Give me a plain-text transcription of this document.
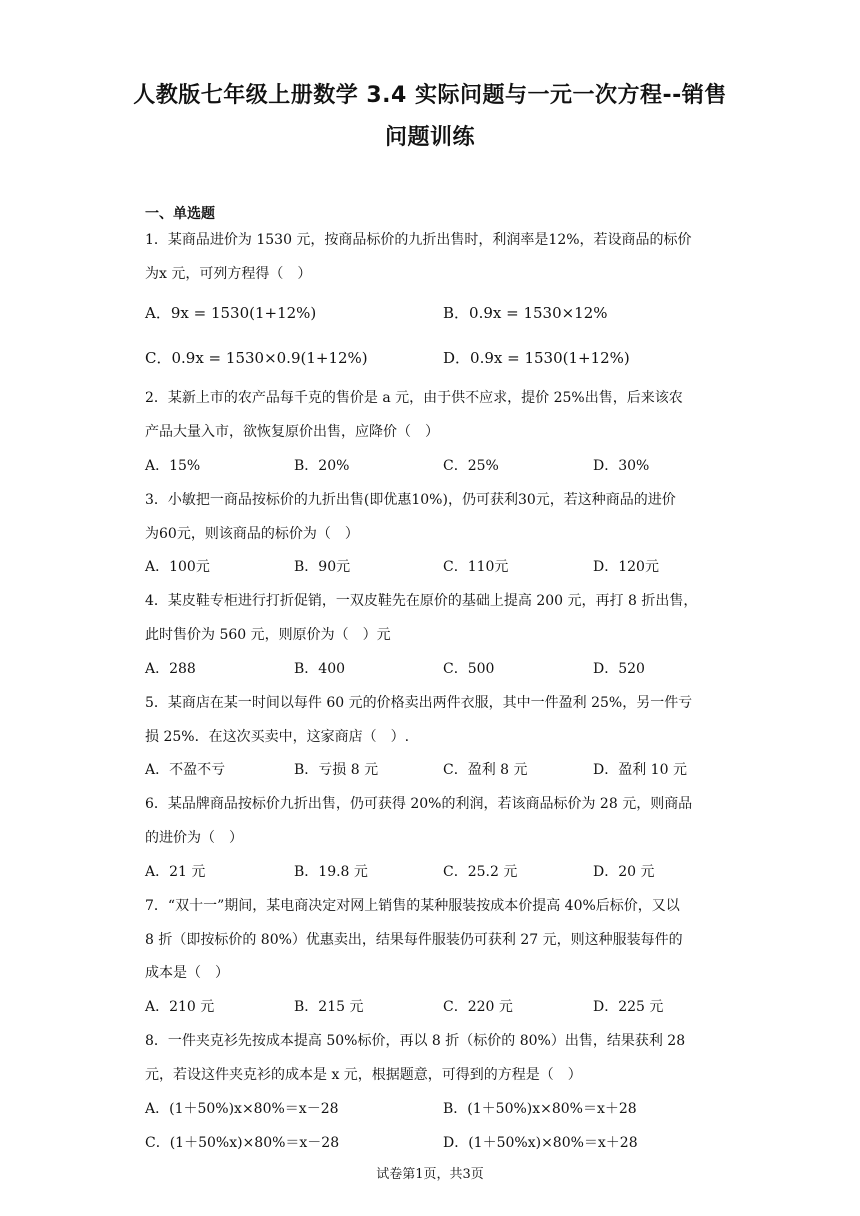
人教版七年级上册数学 3.4 实际问题与一元一次方程--销售
问题训练
一、单选题
1．某商品进价为 1530 元，按商品标价的九折出售时，利润率是12%，若设商品的标价
为x 元，可列方程得（　）
A．9x = 1530(1+12%)	B．0.9x = 1530×12%
C．0.9x = 1530×0.9(1+12%)	D．0.9x = 1530(1+12%)
2．某新上市的农产品每千克的售价是 a 元，由于供不应求，提价 25%出售，后来该农
产品大量入市，欲恢复原价出售，应降价（　）
A．15%	B．20%	C．25%	D．30%
3．小敏把一商品按标价的九折出售(即优惠10%)，仍可获利30元，若这种商品的进价
为60元，则该商品的标价为（　）
A．100元	B．90元	C．110元	D．120元
4．某皮鞋专柜进行打折促销，一双皮鞋先在原价的基础上提高 200 元，再打 8 折出售，
此时售价为 560 元，则原价为（　）元
A．288	B．400	C．500	D．520
5．某商店在某一时间以每件 60 元的价格卖出两件衣服，其中一件盈利 25%，另一件亏
损 25%．在这次买卖中，这家商店（　）.
A．不盈不亏	B．亏损 8 元	C．盈利 8 元	D．盈利 10 元
6．某品牌商品按标价九折出售，仍可获得 20%的利润，若该商品标价为 28 元，则商品
的进价为（　）
A．21 元	B．19.8 元	C．25.2 元	D．20 元
7．“双十一”期间，某电商决定对网上销售的某种服装按成本价提高 40%后标价，又以
8 折（即按标价的 80%）优惠卖出，结果每件服装仍可获利 27 元，则这种服装每件的
成本是（　）
A．210 元	B．215 元	C．220 元	D．225 元
8．一件夹克衫先按成本提高 50%标价，再以 8 折（标价的 80%）出售，结果获利 28
元，若设这件夹克衫的成本是 x 元，根据题意，可得到的方程是（　）
A．(1＋50%)x×80%＝x－28	B．(1＋50%)x×80%＝x＋28
C．(1＋50%x)×80%＝x－28	D．(1＋50%x)×80%＝x＋28
试卷第1页，共3页
